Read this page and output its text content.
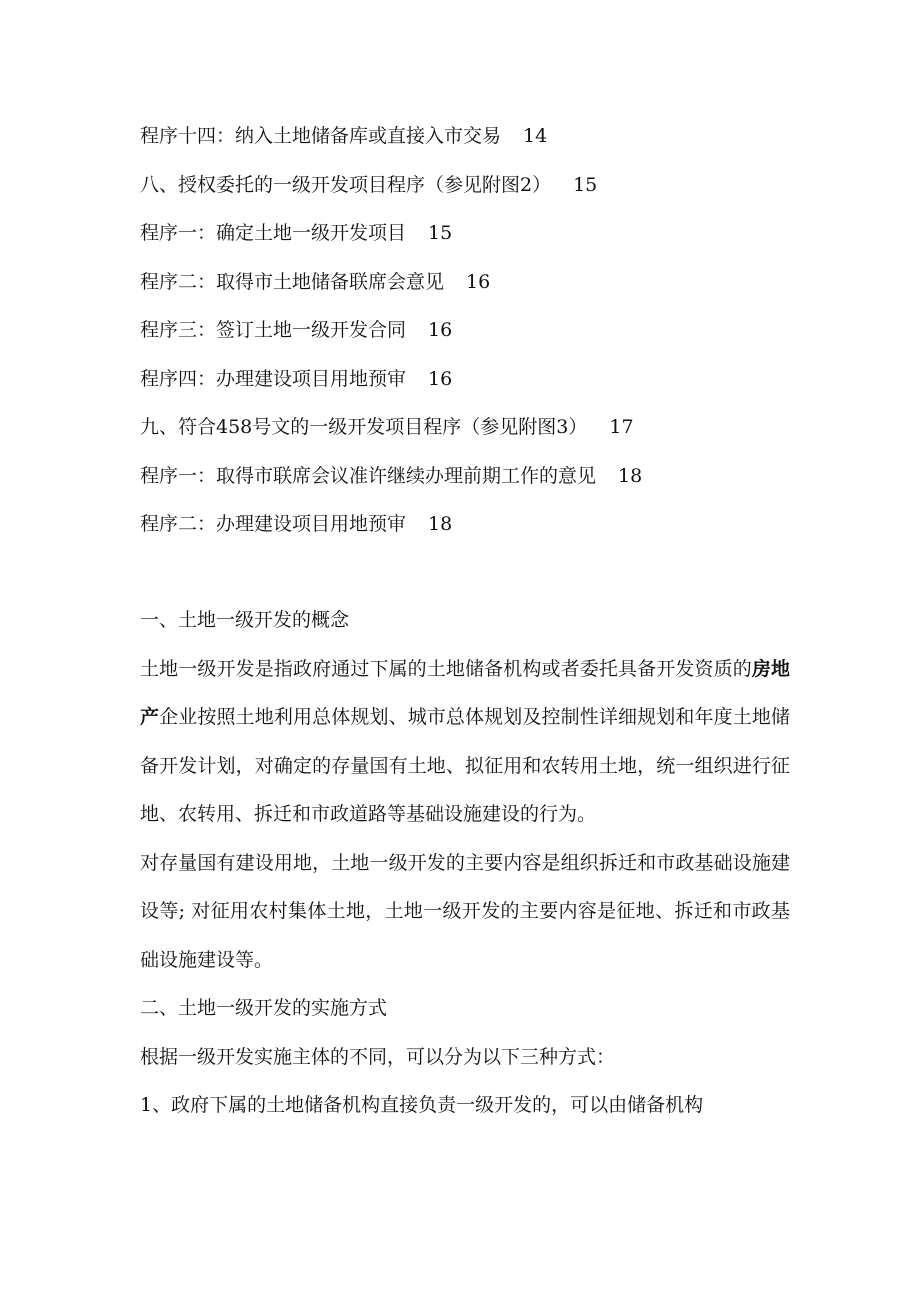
程序十四：纳入土地储备库或直接入市交易 14
八、授权委托的一级开发项目程序（参见附图2） 15
程序一：确定土地一级开发项目 15
程序二：取得市土地储备联席会意见 16
程序三：签订土地一级开发合同 16
程序四：办理建设项目用地预审 16
九、符合458号文的一级开发项目程序（参见附图3） 17
程序一：取得市联席会议准许继续办理前期工作的意见 18
程序二：办理建设项目用地预审 18

一、土地一级开发的概念

土地一级开发是指政府通过下属的土地储备机构或者委托具备开发资质的房地产企业按照土地利用总体规划、城市总体规划及控制性详细规划和年度土地储备开发计划，对确定的存量国有土地、拟征用和农转用土地，统一组织进行征地、农转用、拆迁和市政道路等基础设施建设的行为。

对存量国有建设用地，土地一级开发的主要内容是组织拆迁和市政基础设施建设等; 对征用农村集体土地，土地一级开发的主要内容是征地、拆迁和市政基础设施建设等。

二、土地一级开发的实施方式

根据一级开发实施主体的不同，可以分为以下三种方式：

1、政府下属的土地储备机构直接负责一级开发的，可以由储备机构
